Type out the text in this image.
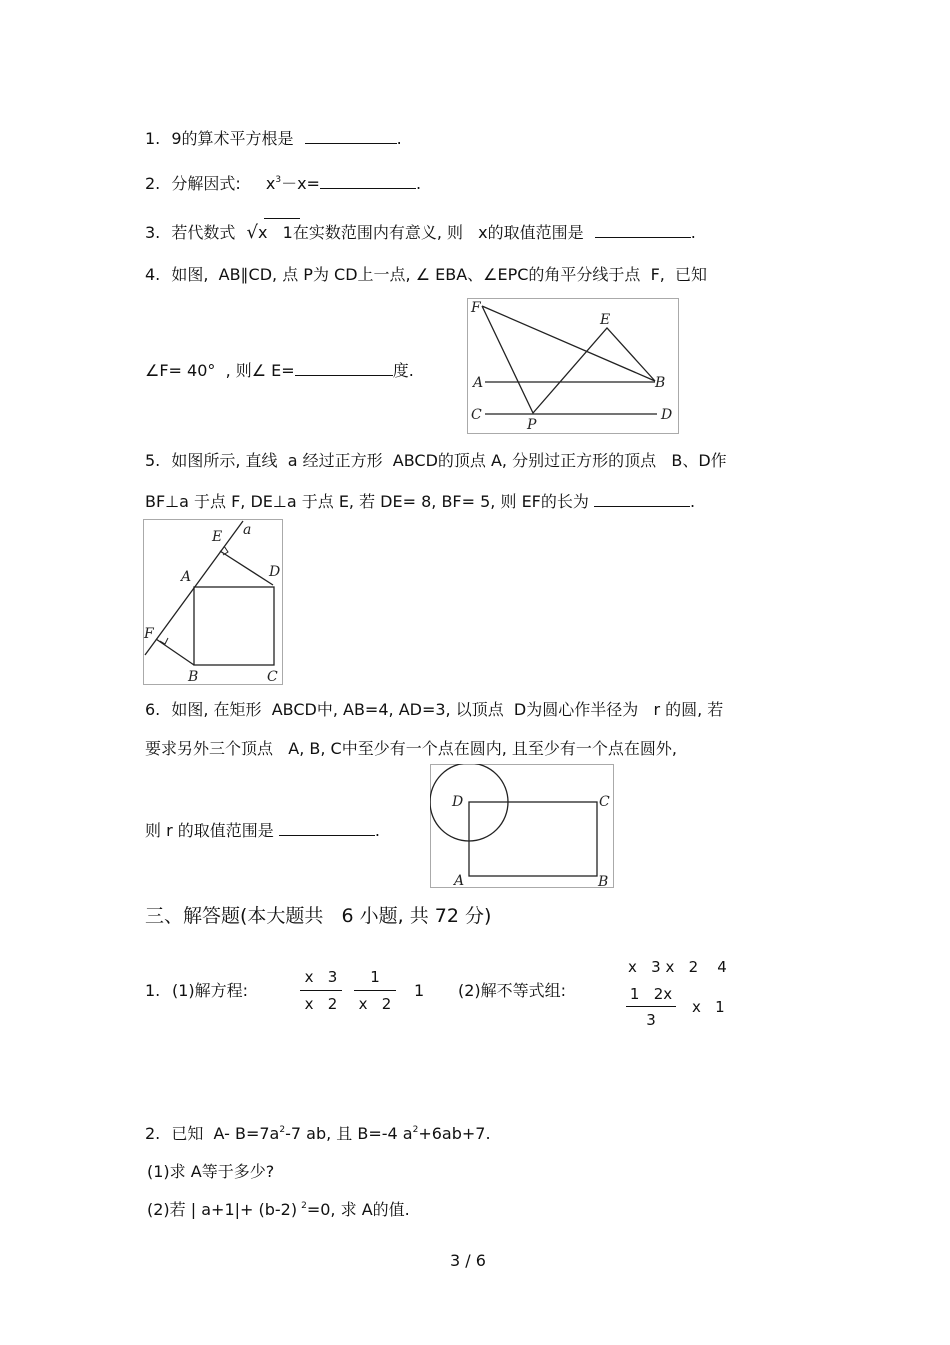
1. 9的算术平方根是	.
2. 分解因式: $x^3-x=$	.
3. 若代数式 √x   1在实数范围内有意义, 则 x的取值范围是	.
4. 如图,  AB∥CD, 点 P为 CD上一点, ∠ EBA、∠EPC的角平分线于点  F,  已知
∠F= 40°  , 则∠ E=	度.
F
E
A	B
C	D
P
5. 如图所示, 直线  a 经过正方形  ABCD的顶点 A, 分别过正方形的顶点   B、D作
BF⊥a 于点 F, DE⊥a 于点 E, 若 DE= 8, BF= 5, 则 EF的长为	.
E a
A	D
F
B	C
6. 如图, 在矩形  ABCD中, AB=4, AD=3, 以顶点  D为圆心作半径为   r 的圆, 若
要求另外三个顶点   A, B, C中至少有一个点在圆内, 且至少有一个点在圆外,
则 r 的取值范围是	.
D	C
A	B
三、解答题(本大题共   6 小题, 共 72 分)
1. (1)解方程:
x   3
x   2
1
x   2
1 (2)解不等式组:
x   3 x   2    4
1   2x
3
x   1
2. 已知  A- $B=7a^2-7$ ab, 且 B=-4 $a^2+6ab+7$.
(1)求 A等于多少?
(2)若 | a+1|+ (b-2) $^2$=0, 求 A的值.
3 / 6
